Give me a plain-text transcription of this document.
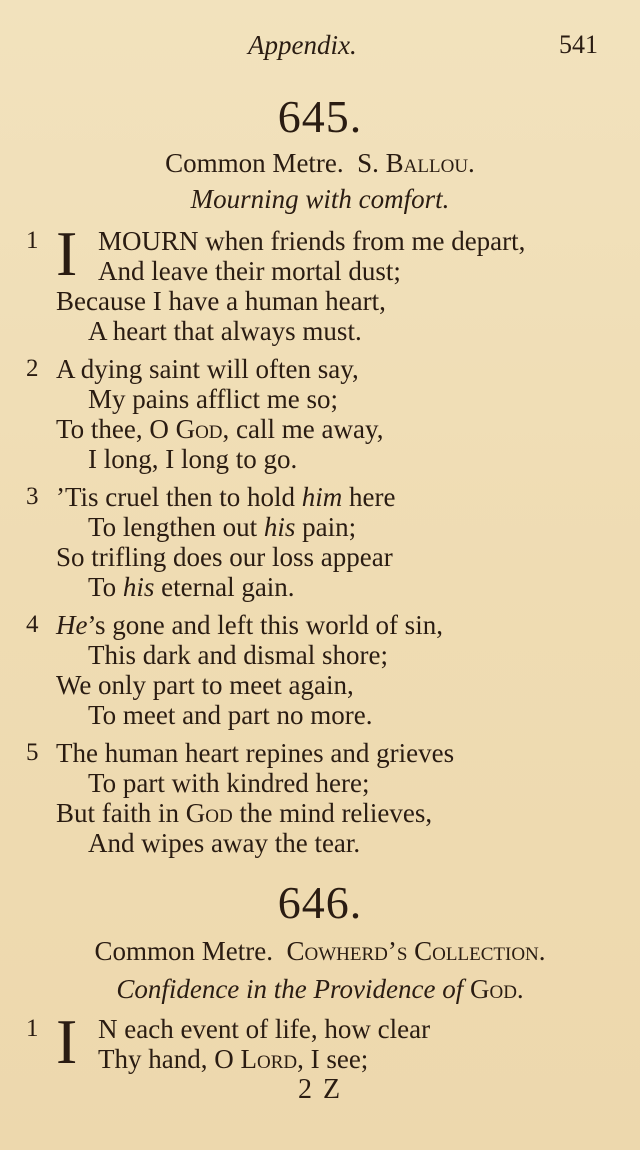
Appendix.	541
645.
Common Metre. S. Ballou.
Mourning with comfort.
1 I MOURN when friends from me depart,
And leave their mortal dust;
Because I have a human heart,
A heart that always must.
2 A dying saint will often say,
My pains afflict me so;
To thee, O God, call me away,
I long, I long to go.
3 ’Tis cruel then to hold him here
To lengthen out his pain;
So trifling does our loss appear
To his eternal gain.
4 He’s gone and left this world of sin,
This dark and dismal shore;
We only part to meet again,
To meet and part no more.
5 The human heart repines and grieves
To part with kindred here;
But faith in God the mind relieves,
And wipes away the tear.
646.
Common Metre. Cowherd’s Collection.
Confidence in the Providence of God.
1 I N each event of life, how clear
Thy hand, O Lord, I see;
2 Z
